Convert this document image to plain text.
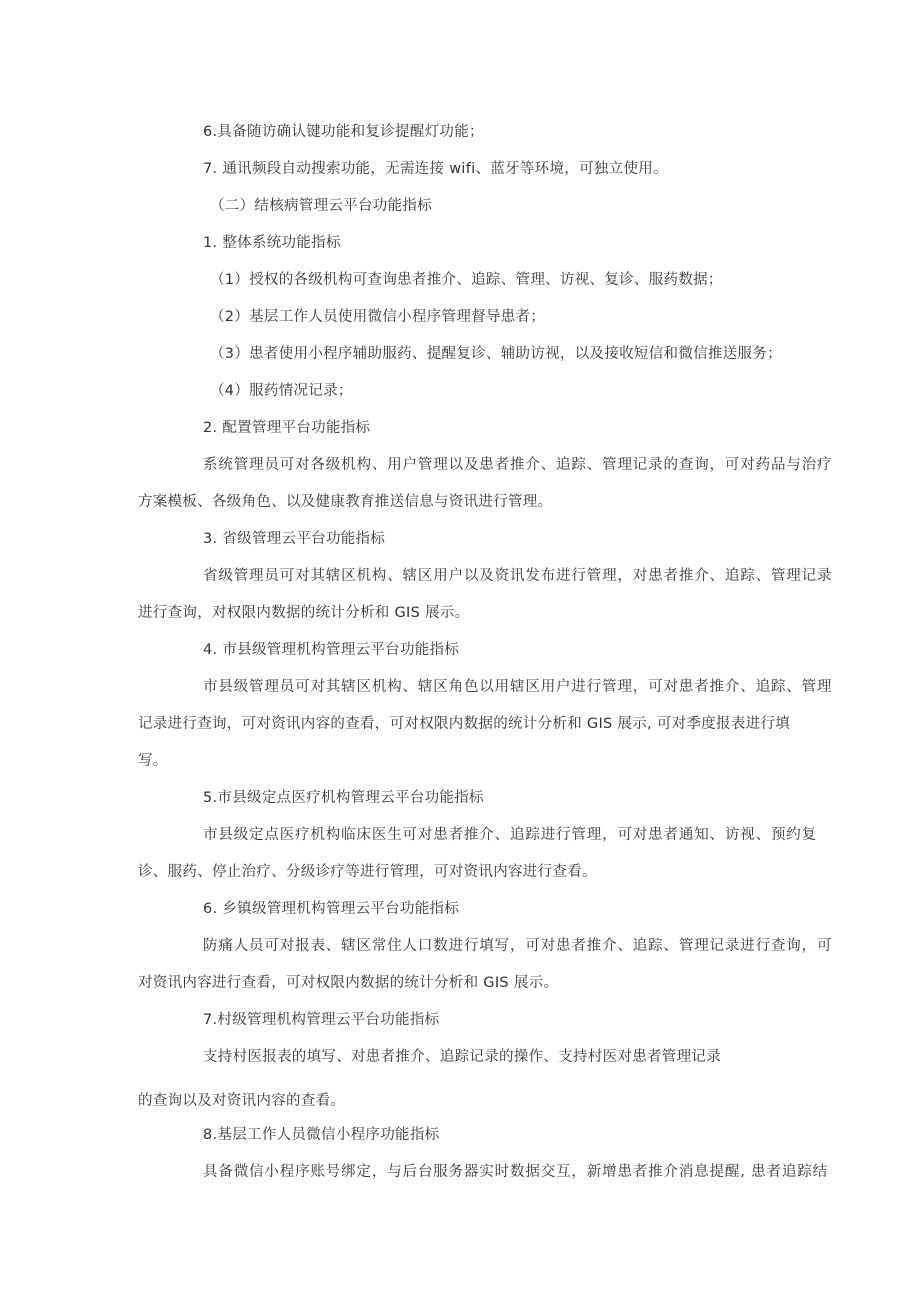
6.具备随访确认键功能和复诊提醒灯功能；
7. 通讯频段自动搜索功能，无需连接 wifi、蓝牙等环境，可独立使用。
（二）结核病管理云平台功能指标
1. 整体系统功能指标
（1）授权的各级机构可查询患者推介、追踪、管理、访视、复诊、服药数据；
（2）基层工作人员使用微信小程序管理督导患者；
（3）患者使用小程序辅助服药、提醒复诊、辅助访视，以及接收短信和微信推送服务；
（4）服药情况记录；
2. 配置管理平台功能指标
系统管理员可对各级机构、用户管理以及患者推介、追踪、管理记录的查询，可对药品与治疗
方案模板、各级角色、以及健康教育推送信息与资讯进行管理。
3. 省级管理云平台功能指标
省级管理员可对其辖区机构、辖区用户以及资讯发布进行管理，对患者推介、追踪、管理记录
进行查询，对权限内数据的统计分析和 GIS 展示。
4. 市县级管理机构管理云平台功能指标
市县级管理员可对其辖区机构、辖区角色以用辖区用户进行管理，可对患者推介、追踪、管理
记录进行查询，可对资讯内容的查看，可对权限内数据的统计分析和 GIS 展示, 可对季度报表进行填
写。
5.市县级定点医疗机构管理云平台功能指标
市县级定点医疗机构临床医生可对患者推介、追踪进行管理，可对患者通知、访视、预约复
诊、服药、停止治疗、分级诊疗等进行管理，可对资讯内容进行查看。
6. 乡镇级管理机构管理云平台功能指标
防痛人员可对报表、辖区常住人口数进行填写，可对患者推介、追踪、管理记录进行查询，可
对资讯内容进行查看，可对权限内数据的统计分析和 GIS 展示。
7.村级管理机构管理云平台功能指标
支持村医报表的填写、对患者推介、追踪记录的操作、支持村医对患者管理记录
的查询以及对资讯内容的查看。
8.基层工作人员微信小程序功能指标
具备微信小程序账号绑定，与后台服务器实时数据交互，新增患者推介消息提醒, 患者追踪结
